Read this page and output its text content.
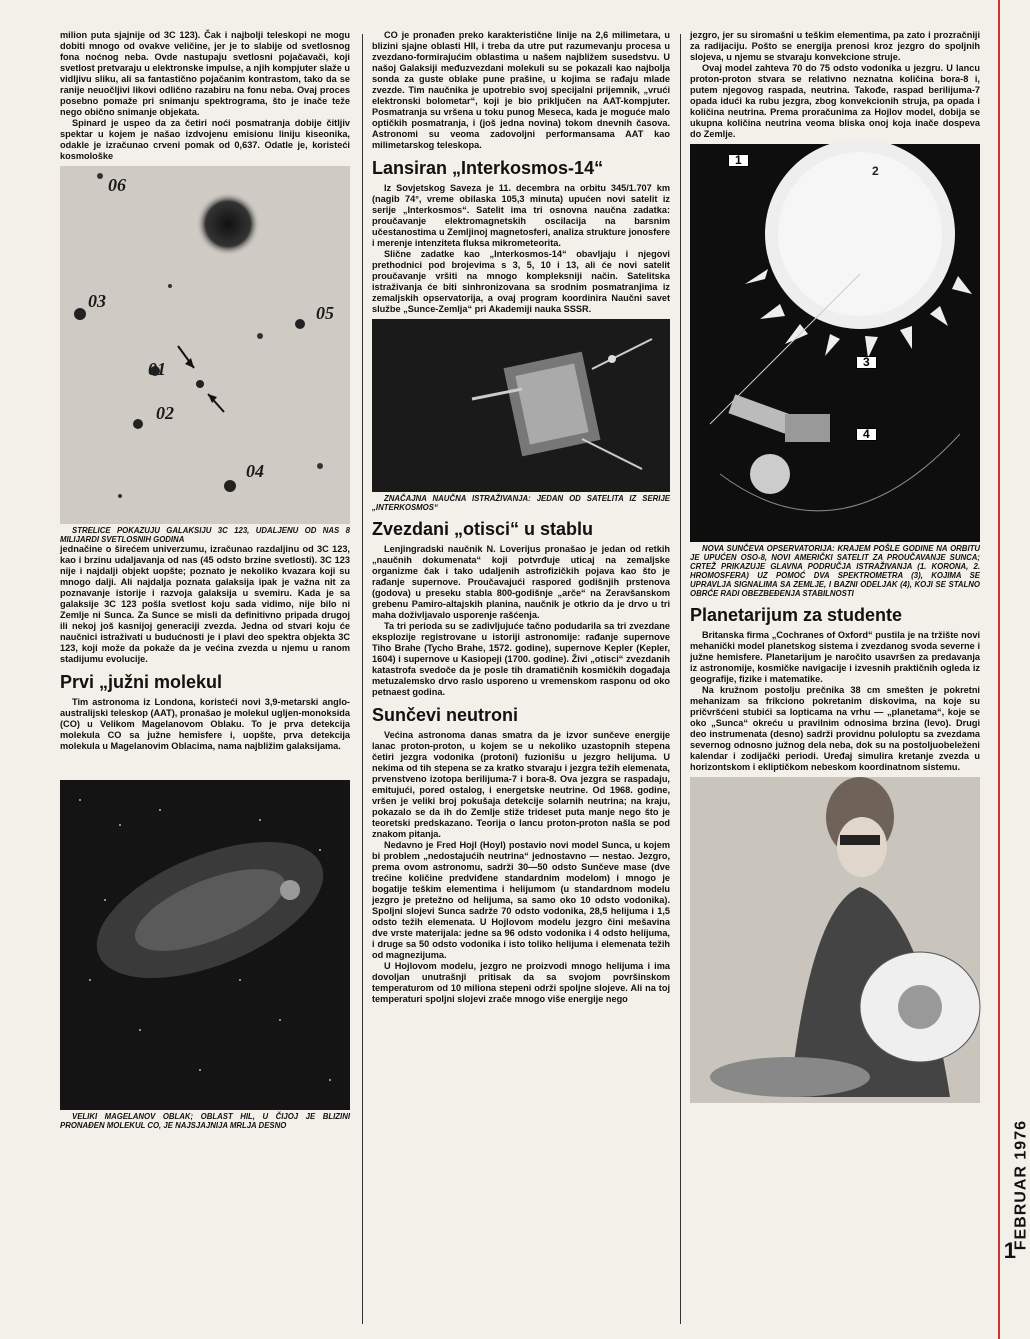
milion puta sjajnije od 3C 123). Čak i najbolji teleskopi ne mogu dobiti mnogo od ovakve veličine, jer je to slabije od svetlosnog fona noćnog neba. Ovde nastupaju svetlosni pojačavači, koji svetlost pretvaraju u elektronske impulse, a njih kompjuter slaže u vidljivu sliku, ali sa fantastično pojačanim kontrastom, tako da se ranije neuočljivi likovi odlično razabiru na fonu neba. Ovaj proces posebno pomaže pri snimanju spektrograma, što je inače teže nego obično snimanje objekata.

Spinard je uspeo da za četiri noći posmatranja dobije čitljiv spektar u kojem je našao izdvojenu emisionu liniju kiseonika, odakle je izračunao crveni pomak od 0,637. Odatle je, koristeći kosmološke

06
03
05
01
02
04

STRELICE POKAZUJU GALAKSIJU 3C 123, UDALJENU OD NAS 8 MILIJARDI SVETLOSNIH GODINA

jednačine o širećem univerzumu, izračunao razdaljinu od 3C 123, kao i brzinu udaljavanja od nas (45 odsto brzine svetlosti). 3C 123 nije i najdalji objekt uopšte; poznato je nekoliko kvazara koji su mnogo dalji. Ali najdalja poznata galaksija ipak je važna nit za poznavanje istorije i razvoja galaksija u svemiru. Kada je sa galaksije 3C 123 pošla svetlost koju sada vidimo, nije bilo ni Zemlje ni Sunca. Za Sunce se misli da definitivno pripada drugoj ili nekoj još kasnijoj generaciji zvezda. Jedna od stvari koju će naučnici istraživati u budućnosti je i plavi deo spektra objekta 3C 123, koji može da pokaže da je većina zvezda u njemu u ranom stadijumu evolucije.

Prvi „južni molekul

Tim astronoma iz Londona, koristeći novi 3,9-metarski anglo-australijski teleskop (AAT), pronašao je molekul ugljen-monoksida (CO) u Velikom Magelanovom Oblaku. To je prva detekcija molekula CO sa južne hemisfere i, uopšte, prva detekcija molekula u Magelanovim Oblacima, nama najbližim galaksijama.

VELIKI MAGELANOV OBLAK; OBLAST HIL, U ČIJOJ JE BLIZINI PRONAĐEN MOLEKUL CO, JE NAJSJAJNIJA MRLJA DESNO

CO je pronađen preko karakteristične linije na 2,6 milimetara, u blizini sjajne oblasti HII, i treba da utre put razumevanju procesa u zvezdano-formirajućim oblastima u našem najbližem susedstvu. U našoj Galaksiji međuzvezdani molekuli su se pokazali kao najbolja sonda za guste oblake pune prašine, u kojima se rađaju mlade zvezde. Tim naučnika je upotrebio svoj specijalni prijemnik, „vrući elektronski bolometar“, koji je bio priključen na AAT-kompjuter. Posmatranja su vršena u toku punog Meseca, kada je moguće malo optičkih posmatranja, i (još jedna novina) tokom dnevnih časova. Astronomi su veoma zadovoljni performansama AAT kao milimetarskog teleskopa.

Lansiran „Interkosmos-14“

Iz Sovjetskog Saveza je 11. decembra na orbitu 345/1.707 km (nagib 74°, vreme obilaska 105,3 minuta) upućen novi satelit iz serije „Interkosmos“. Satelit ima tri osnovna naučna zadatka: proučavanje elektromagnetskih oscilacija na barsnim učestanostima u Zemljinoj magnetosferi, analiza strukture jonosfere i merenje intenziteta fluksa mikrometeorita.

Slične zadatke kao „Interkosmos-14“ obavljaju i njegovi prethodnici pod brojevima s 3, 5, 10 i 13, ali će novi satelit proučavanje vršiti na mnogo kompleksniji način. Satelitska istraživanja će biti sinhronizovana sa srodnim posmatranjima iz zemaljskih opservatorija, a ovaj program koordinira Naučni savet službe „Sunce-Zemlja“ pri Akademiji nauka SSSR.

ZNAČAJNA NAUČNA ISTRAŽIVANJA: JEDAN OD SATELITA IZ SERIJE „INTERKOSMOS“

Zvezdani „otisci“ u stablu

Lenjingradski naučnik N. Loverijus pronašao je jedan od retkih „naučnih dokumenata“ koji potvrđuje uticaj na zemaljske organizme čak i tako udaljenih astrofizičkih pojava kao što je rađanje supernove. Proučavajući raspored godišnjih prstenova (godova) u preseku stabla 800-godišnje „arče“ na Zeravšanskom grebenu Pamiro-altajskih planina, naučnik je otkrio da je drvo u tri maha doživljavalo usporenje rašćenja.

Ta tri perioda su se zadivljujuće tačno podudarila sa tri zvezdane eksplozije registrovane u istoriji astronomije: rađanje supernove Tiho Brahe (Tycho Brahe, 1572. godine), supernove Kepler (Kepler, 1604) i supernove u Kasiopeji (1700. godine). Živi „otisci“ zvezdanih katastrofa svedoče da je posle tih dramatičnih kosmičkih događaja metuzalemsko drvo raslo usporeno u vremenskom rasponu od oko petnaest godina.

Sunčevi neutroni

Većina astronoma danas smatra da je izvor sunčeve energije lanac proton-proton, u kojem se u nekoliko uzastopnih stepena četiri jezgra vodonika (protoni) fuzionišu u jezgro helijuma. U nekima od tih stepena se za kratko stvaraju i jezgra težih elemenata, prvenstveno izotopa berilijuma-7 i bora-8. Ova jezgra se raspadaju, emitujući, pored ostalog, i energetske neutrine. Od 1968. godine, vršen je veliki broj pokušaja detekcije solarnih neutrina; na kraju, pokazalo se da ih do Zemlje stiže trideset puta manje nego što je teoretski predskazano. Teorija o lancu proton-proton našla se pod znakom pitanja.

Nedavno je Fred Hojl (Hoyl) postavio novi model Sunca, u kojem bi problem „nedostajućih neutrina“ jednostavno — nestao. Jezgro, prema ovom astronomu, sadrži 30—50 odsto Sunčeve mase (dve trećine količine predviđene standardnim modelom) i mnogo je bogatije teškim elementima i helijumom (u standardnom modelu jezgro je pretežno od helijuma, sa samo oko 10 odsto vodonika). Spoljni slojevi Sunca sadrže 70 odsto vodonika, 28,5 helijuma i 1,5 odsto težih elemenata. U Hojlovom modelu jezgro čini mešavina dve vrste materijala: jedne sa 96 odsto vodonika i 4 odsto helijuma, i druge sa 50 odsto vodonika i isto toliko helijuma i elemenata težih od magnezijuma.

U Hojlovom modelu, jezgro ne proizvodi mnogo helijuma i ima dovoljan unutrašnji pritisak da sa svojom površinskom temperaturom od 10 miliona stepeni održi spoljne slojeve. Ali na toj temperaturi spoljni slojevi zrače mnogo više energije nego

jezgro, jer su siromašni u teškim elementima, pa zato i prozračniji za radijaciju. Pošto se energija prenosi kroz jezgro do spoljnih slojeva, u njemu se stvaraju konvekcione struje.

Ovaj model zahteva 70 do 75 odsto vodonika u jezgru. U lancu proton-proton stvara se relativno neznatna količina bora-8 i, putem njegovog raspada, neutrina. Takođe, raspad berilijuma-7 opada idući ka rubu jezgra, zbog konvekcionih struja, pa opada i količina neutrina. Prema proračunima za Hojlov model, dobija se ukupna količina neutrina veoma bliska onoj koja inače dospeva do Zemlje.

1
2
3
4

NOVA SUNČEVA OPSERVATORIJA: KRAJEM POŠLE GODINE NA ORBITU JE UPUĆEN OSO-8, NOVI AMERIČKI SATELIT ZA PROUČAVANJE SUNCA; CRTEŽ PRIKAZUJE GLAVNA PODRUČJA ISTRAŽIVANJA (1. KORONA, 2. HROMOSFERA) UZ POMOĆ DVA SPEKTROMETRA (3), KOJIMA SE UPRAVLJA SIGNALIMA SA ZEMLJE, I BAZNI ODELJAK (4), KOJI SE STALNO OBRĆE RADI OBEZBEĐENJA STABILNOSTI

Planetarijum za studente

Britanska firma „Cochranes of Oxford“ pustila je na tržište novi mehanički model planetskog sistema i zvezdanog svoda severne i južne hemisfere. Planetarijum je naročito usavršen za predavanja iz astronomije, kosmičke navigacije i izvesnih praktičnih ogleda iz geografije, fizike i matematike.

Na kružnom postolju prečnika 38 cm smešten je pokretni mehanizam sa frikciono pokretanim diskovima, na koje su pričvršćeni stubići sa lopticama na vrhu — „planetama“, koje se oko „Sunca“ okreću u pravilnim odnosima brzina (levo). Drugi deo instrumenata (desno) sadrži providnu poluloptu sa zvezdama severnog odnosno južnog dela neba, dok su na postoljuobeleženi kalendar i zodijački periodi. Uređaj simulira kretanje zvezda u horizontskom i ekliptičkom nebeskom koordinatnom sistemu.

FEBRUAR 1976
1
